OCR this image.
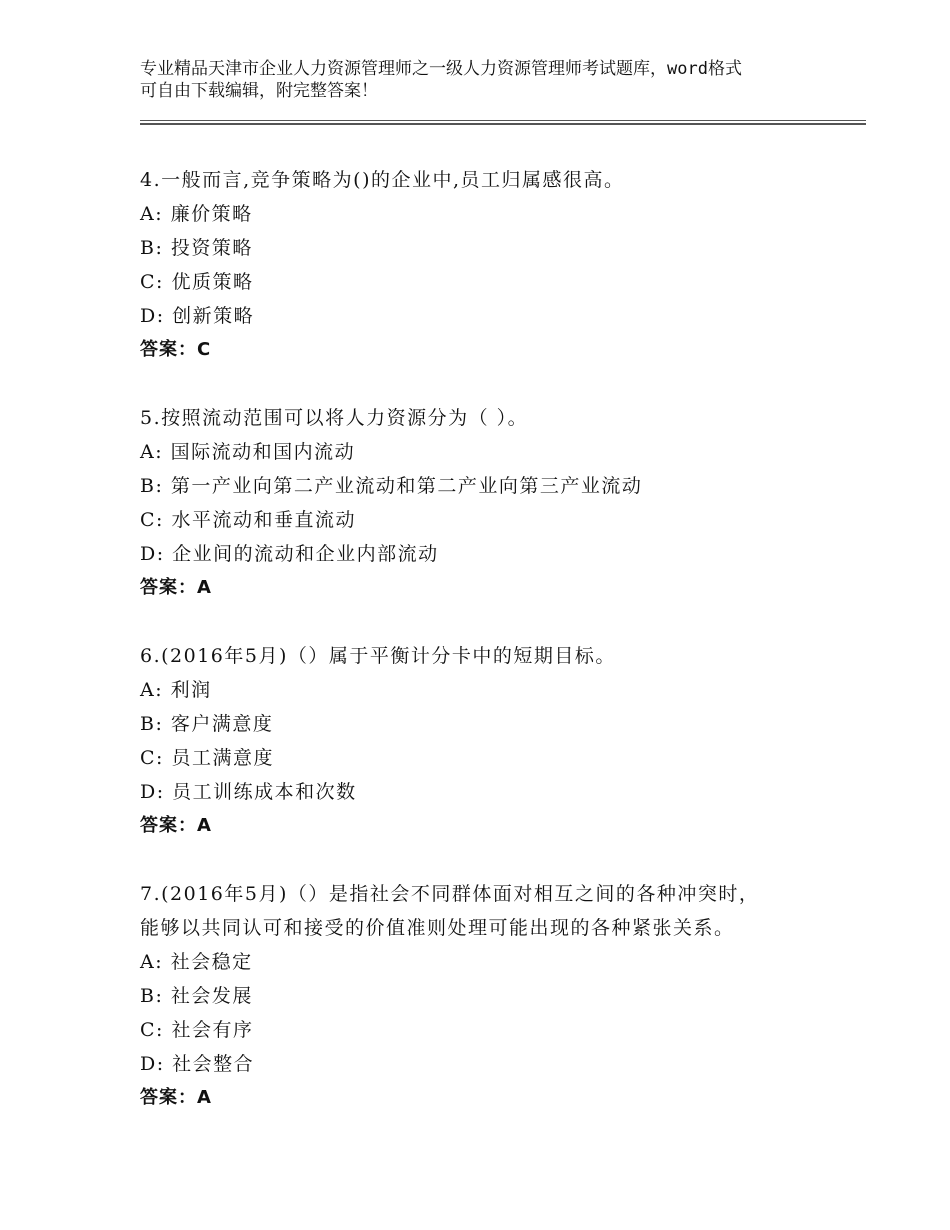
专业精品天津市企业人力资源管理师之一级人力资源管理师考试题库，word格式
可自由下载编辑，附完整答案！
4.一般而言,竞争策略为()的企业中,员工归属感很高。
A: 廉价策略
B: 投资策略
C: 优质策略
D: 创新策略
答案：C
5.按照流动范围可以将人力资源分为（ ）。
A: 国际流动和国内流动
B: 第一产业向第二产业流动和第二产业向第三产业流动
C: 水平流动和垂直流动
D: 企业间的流动和企业内部流动
答案：A
6.(2016年5月)（）属于平衡计分卡中的短期目标。
A: 利润
B: 客户满意度
C: 员工满意度
D: 员工训练成本和次数
答案：A
7.(2016年5月)（）是指社会不同群体面对相互之间的各种冲突时，
能够以共同认可和接受的价值准则处理可能出现的各种紧张关系。
A: 社会稳定
B: 社会发展
C: 社会有序
D: 社会整合
答案：A
